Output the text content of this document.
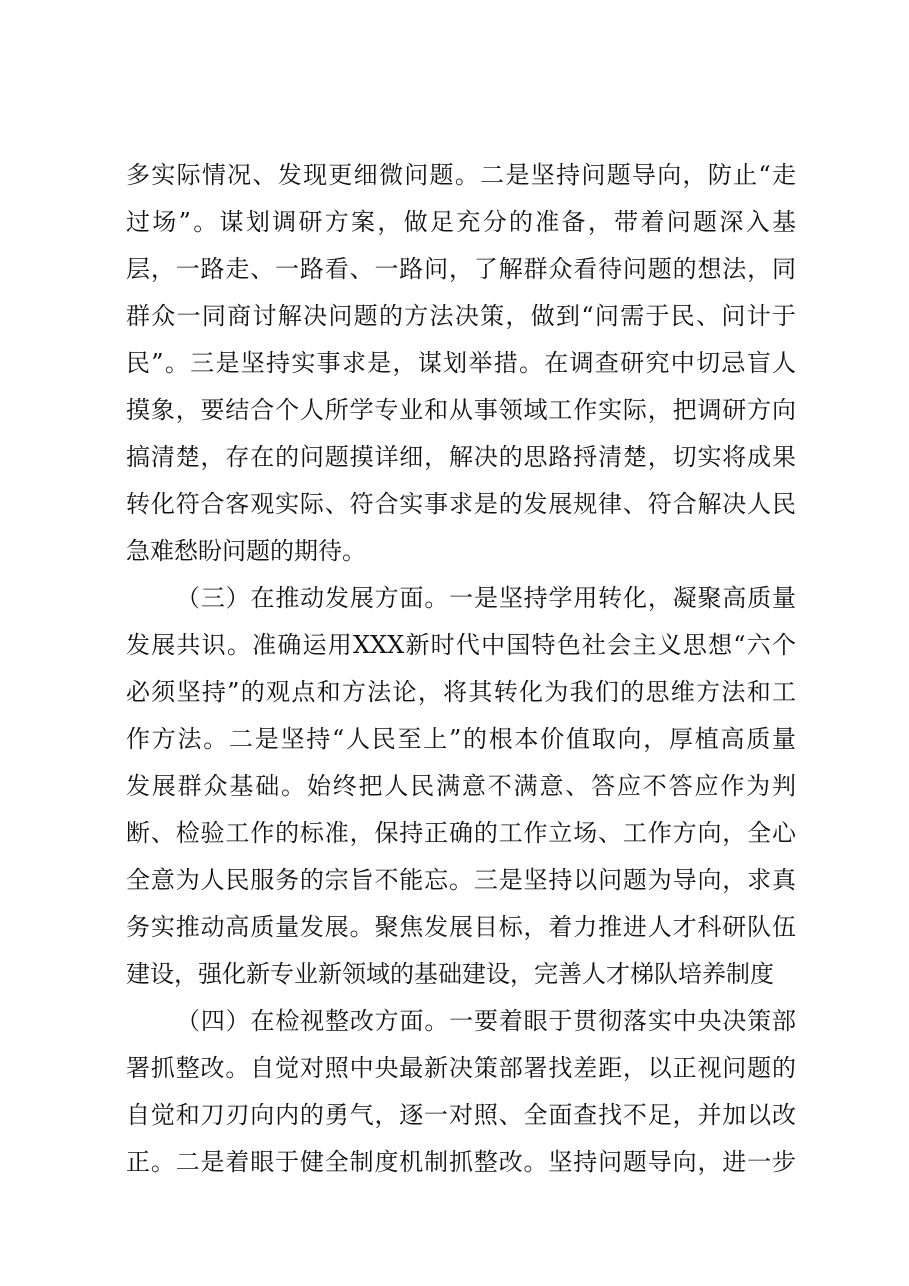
多实际情况、发现更细微问题。二是坚持问题导向，防止“走
过场”。谋划调研方案，做足充分的准备，带着问题深入基
层，一路走、一路看、一路问，了解群众看待问题的想法，同
群众一同商讨解决问题的方法决策，做到“问需于民、问计于
民”。三是坚持实事求是，谋划举措。在调查研究中切忌盲人
摸象，要结合个人所学专业和从事领域工作实际，把调研方向
搞清楚，存在的问题摸详细，解决的思路捋清楚，切实将成果
转化符合客观实际、符合实事求是的发展规律、符合解决人民
急难愁盼问题的期待。
（三）在推动发展方面。一是坚持学用转化，凝聚高质量
发展共识。准确运用XXX新时代中国特色社会主义思想“六个
必须坚持”的观点和方法论，将其转化为我们的思维方法和工
作方法。二是坚持“人民至上”的根本价值取向，厚植高质量
发展群众基础。始终把人民满意不满意、答应不答应作为判
断、检验工作的标准，保持正确的工作立场、工作方向，全心
全意为人民服务的宗旨不能忘。三是坚持以问题为导向，求真
务实推动高质量发展。聚焦发展目标，着力推进人才科研队伍
建设，强化新专业新领域的基础建设，完善人才梯队培养制度
（四）在检视整改方面。一要着眼于贯彻落实中央决策部
署抓整改。自觉对照中央最新决策部署找差距，以正视问题的
自觉和刀刃向内的勇气，逐一对照、全面查找不足，并加以改
正。二是着眼于健全制度机制抓整改。坚持问题导向，进一步
